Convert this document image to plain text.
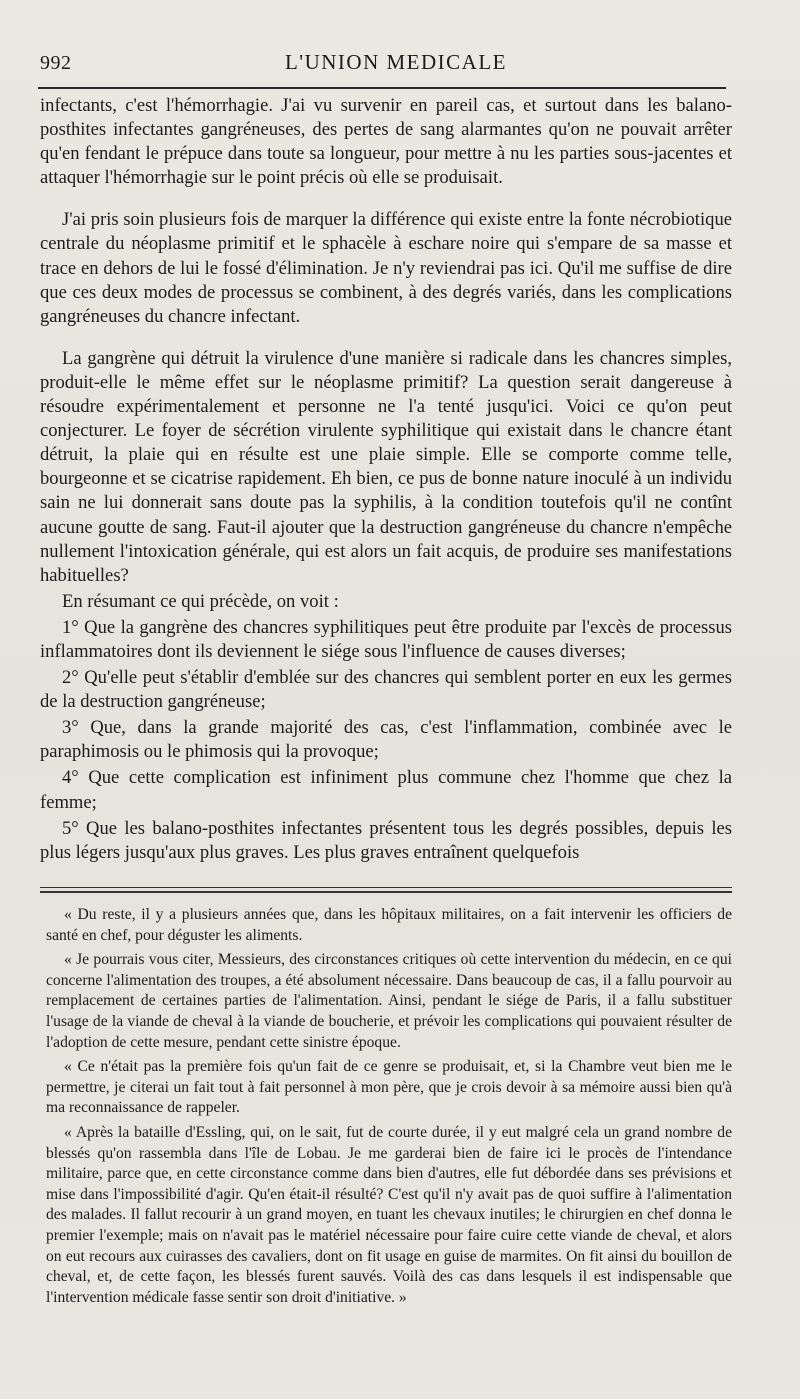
992	L'UNION MEDICALE

infectants, c'est l'hémorrhagie. J'ai vu survenir en pareil cas, et surtout dans les balano-posthites infectantes gangréneuses, des pertes de sang alarmantes qu'on ne pouvait arrêter qu'en fendant le prépuce dans toute sa longueur, pour mettre à nu les parties sous-jacentes et attaquer l'hémorrhagie sur le point précis où elle se produisait.

J'ai pris soin plusieurs fois de marquer la différence qui existe entre la fonte nécrobiotique centrale du néoplasme primitif et le sphacèle à eschare noire qui s'empare de sa masse et trace en dehors de lui le fossé d'élimination. Je n'y reviendrai pas ici. Qu'il me suffise de dire que ces deux modes de processus se combinent, à des degrés variés, dans les complications gangréneuses du chancre infectant.

La gangrène qui détruit la virulence d'une manière si radicale dans les chancres simples, produit-elle le même effet sur le néoplasme primitif? La question serait dangereuse à résoudre expérimentalement et personne ne l'a tenté jusqu'ici. Voici ce qu'on peut conjecturer. Le foyer de sécrétion virulente syphilitique qui existait dans le chancre étant détruit, la plaie qui en résulte est une plaie simple. Elle se comporte comme telle, bourgeonne et se cicatrise rapidement. Eh bien, ce pus de bonne nature inoculé à un individu sain ne lui donnerait sans doute pas la syphilis, à la condition toutefois qu'il ne contînt aucune goutte de sang. Faut-il ajouter que la destruction gangréneuse du chancre n'empêche nullement l'intoxication générale, qui est alors un fait acquis, de produire ses manifestations habituelles?

En résumant ce qui précède, on voit :

1° Que la gangrène des chancres syphilitiques peut être produite par l'excès de processus inflammatoires dont ils deviennent le siége sous l'influence de causes diverses;

2° Qu'elle peut s'établir d'emblée sur des chancres qui semblent porter en eux les germes de la destruction gangréneuse;

3° Que, dans la grande majorité des cas, c'est l'inflammation, combinée avec le paraphimosis ou le phimosis qui la provoque;

4° Que cette complication est infiniment plus commune chez l'homme que chez la femme;

5° Que les balano-posthites infectantes présentent tous les degrés possibles, depuis les plus légers jusqu'aux plus graves. Les plus graves entraînent quelquefois

« Du reste, il y a plusieurs années que, dans les hôpitaux militaires, on a fait intervenir les officiers de santé en chef, pour déguster les aliments.

« Je pourrais vous citer, Messieurs, des circonstances critiques où cette intervention du médecin, en ce qui concerne l'alimentation des troupes, a été absolument nécessaire. Dans beaucoup de cas, il a fallu pourvoir au remplacement de certaines parties de l'alimentation. Ainsi, pendant le siége de Paris, il a fallu substituer l'usage de la viande de cheval à la viande de boucherie, et prévoir les complications qui pouvaient résulter de l'adoption de cette mesure, pendant cette sinistre époque.

« Ce n'était pas la première fois qu'un fait de ce genre se produisait, et, si la Chambre veut bien me le permettre, je citerai un fait tout à fait personnel à mon père, que je crois devoir à sa mémoire aussi bien qu'à ma reconnaissance de rappeler.

« Après la bataille d'Essling, qui, on le sait, fut de courte durée, il y eut malgré cela un grand nombre de blessés qu'on rassembla dans l'île de Lobau. Je me garderai bien de faire ici le procès de l'intendance militaire, parce que, en cette circonstance comme dans bien d'autres, elle fut débordée dans ses prévisions et mise dans l'impossibilité d'agir. Qu'en était-il résulté? C'est qu'il n'y avait pas de quoi suffire à l'alimentation des malades. Il fallut recourir à un grand moyen, en tuant les chevaux inutiles; le chirurgien en chef donna le premier l'exemple; mais on n'avait pas le matériel nécessaire pour faire cuire cette viande de cheval, et alors on eut recours aux cuirasses des cavaliers, dont on fit usage en guise de marmites. On fit ainsi du bouillon de cheval, et, de cette façon, les blessés furent sauvés. Voilà des cas dans lesquels il est indispensable que l'intervention médicale fasse sentir son droit d'initiative. »
